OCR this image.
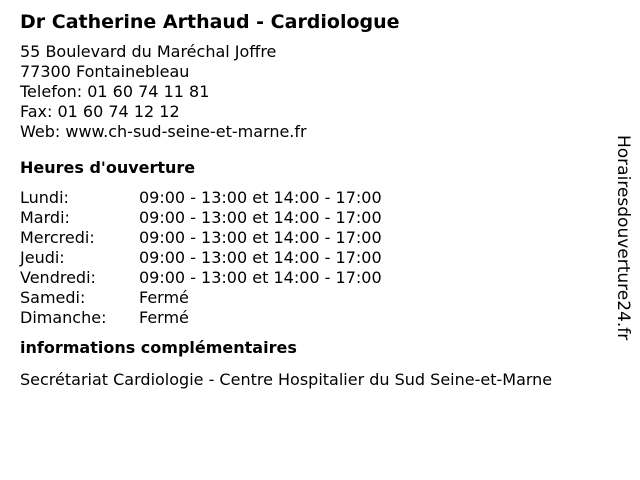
Dr Catherine Arthaud - Cardiologue
55 Boulevard du Maréchal Joffre
77300 Fontainebleau
Telefon: 01 60 74 11 81
Fax: 01 60 74 12 12
Web: www.ch-sud-seine-et-marne.fr
Heures d'ouverture
Lundi:	09:00 - 13:00 et 14:00 - 17:00
Mardi:	09:00 - 13:00 et 14:00 - 17:00
Mercredi:	09:00 - 13:00 et 14:00 - 17:00
Jeudi:	09:00 - 13:00 et 14:00 - 17:00
Vendredi:	09:00 - 13:00 et 14:00 - 17:00
Samedi:	Fermé
Dimanche:	Fermé
informations complémentaires
Secrétariat Cardiologie - Centre Hospitalier du Sud Seine-et-Marne
Horairesdouverture24.fr
